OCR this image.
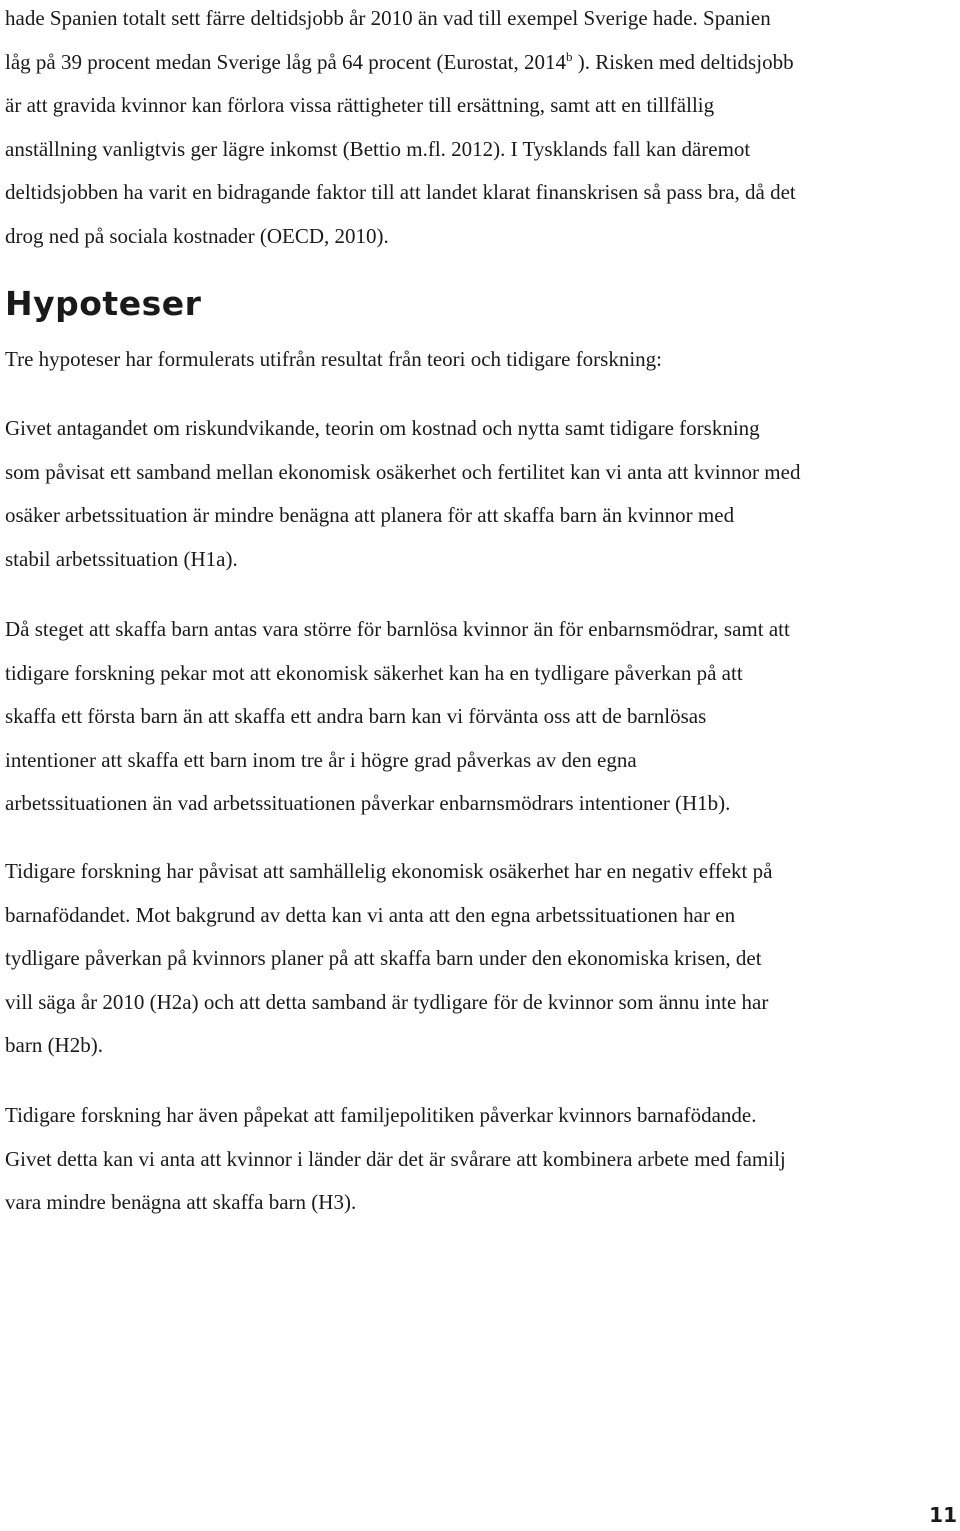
hade Spanien totalt sett färre deltidsjobb år 2010 än vad till exempel Sverige hade. Spanien
låg på 39 procent medan Sverige låg på 64 procent (Eurostat, 2014$^b$ ). Risken med deltidsjobb
är att gravida kvinnor kan förlora vissa rättigheter till ersättning, samt att en tillfällig
anställning vanligtvis ger lägre inkomst (Bettio m.fl. 2012). I Tysklands fall kan däremot
deltidsjobben ha varit en bidragande faktor till att landet klarat finanskrisen så pass bra, då det
drog ned på sociala kostnader (OECD, 2010).
Hypoteser
Tre hypoteser har formulerats utifrån resultat från teori och tidigare forskning:
Givet antagandet om riskundvikande, teorin om kostnad och nytta samt tidigare forskning
som påvisat ett samband mellan ekonomisk osäkerhet och fertilitet kan vi anta att kvinnor med
osäker arbetssituation är mindre benägna att planera för att skaffa barn än kvinnor med
stabil arbetssituation (H1a).
Då steget att skaffa barn antas vara större för barnlösa kvinnor än för enbarnsmödrar, samt att
tidigare forskning pekar mot att ekonomisk säkerhet kan ha en tydligare påverkan på att
skaffa ett första barn än att skaffa ett andra barn kan vi förvänta oss att de barnlösas
intentioner att skaffa ett barn inom tre år i högre grad påverkas av den egna
arbetssituationen än vad arbetssituationen påverkar enbarnsmödrars intentioner (H1b).
Tidigare forskning har påvisat att samhällelig ekonomisk osäkerhet har en negativ effekt på
barnafödandet. Mot bakgrund av detta kan vi anta att den egna arbetssituationen har en
tydligare påverkan på kvinnors planer på att skaffa barn under den ekonomiska krisen, det
vill säga år 2010 (H2a) och att detta samband är tydligare för de kvinnor som ännu inte har
barn (H2b).
Tidigare forskning har även påpekat att familjepolitiken påverkar kvinnors barnafödande.
Givet detta kan vi anta att kvinnor i länder där det är svårare att kombinera arbete med familj
vara mindre benägna att skaffa barn (H3).
11
